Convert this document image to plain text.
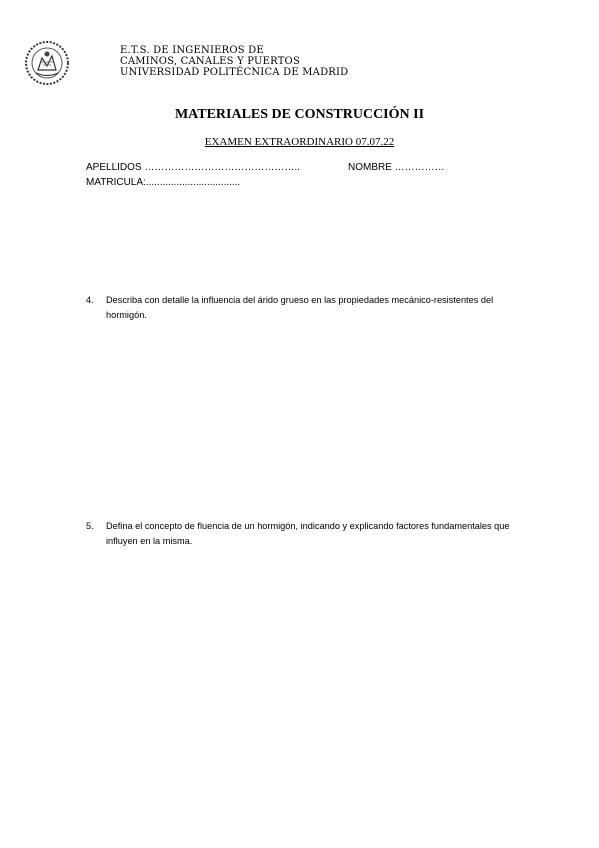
E.T.S. DE INGENIEROS DE
CAMINOS, CANALES Y PUERTOS
UNIVERSIDAD POLITÉCNICA DE MADRID
MATERIALES DE CONSTRUCCIÓN II
EXAMEN EXTRAORDINARIO 07.07.22
APELLIDOS ………………………………………..	NOMBRE ……………
MATRICULA:..................................
4. Describa con detalle la influencia del árido grueso en las propiedades mecánico-resistentes del hormigón.
5. Defina el concepto de fluencia de un hormigón, indicando y explicando factores fundamentales que influyen en la misma.
